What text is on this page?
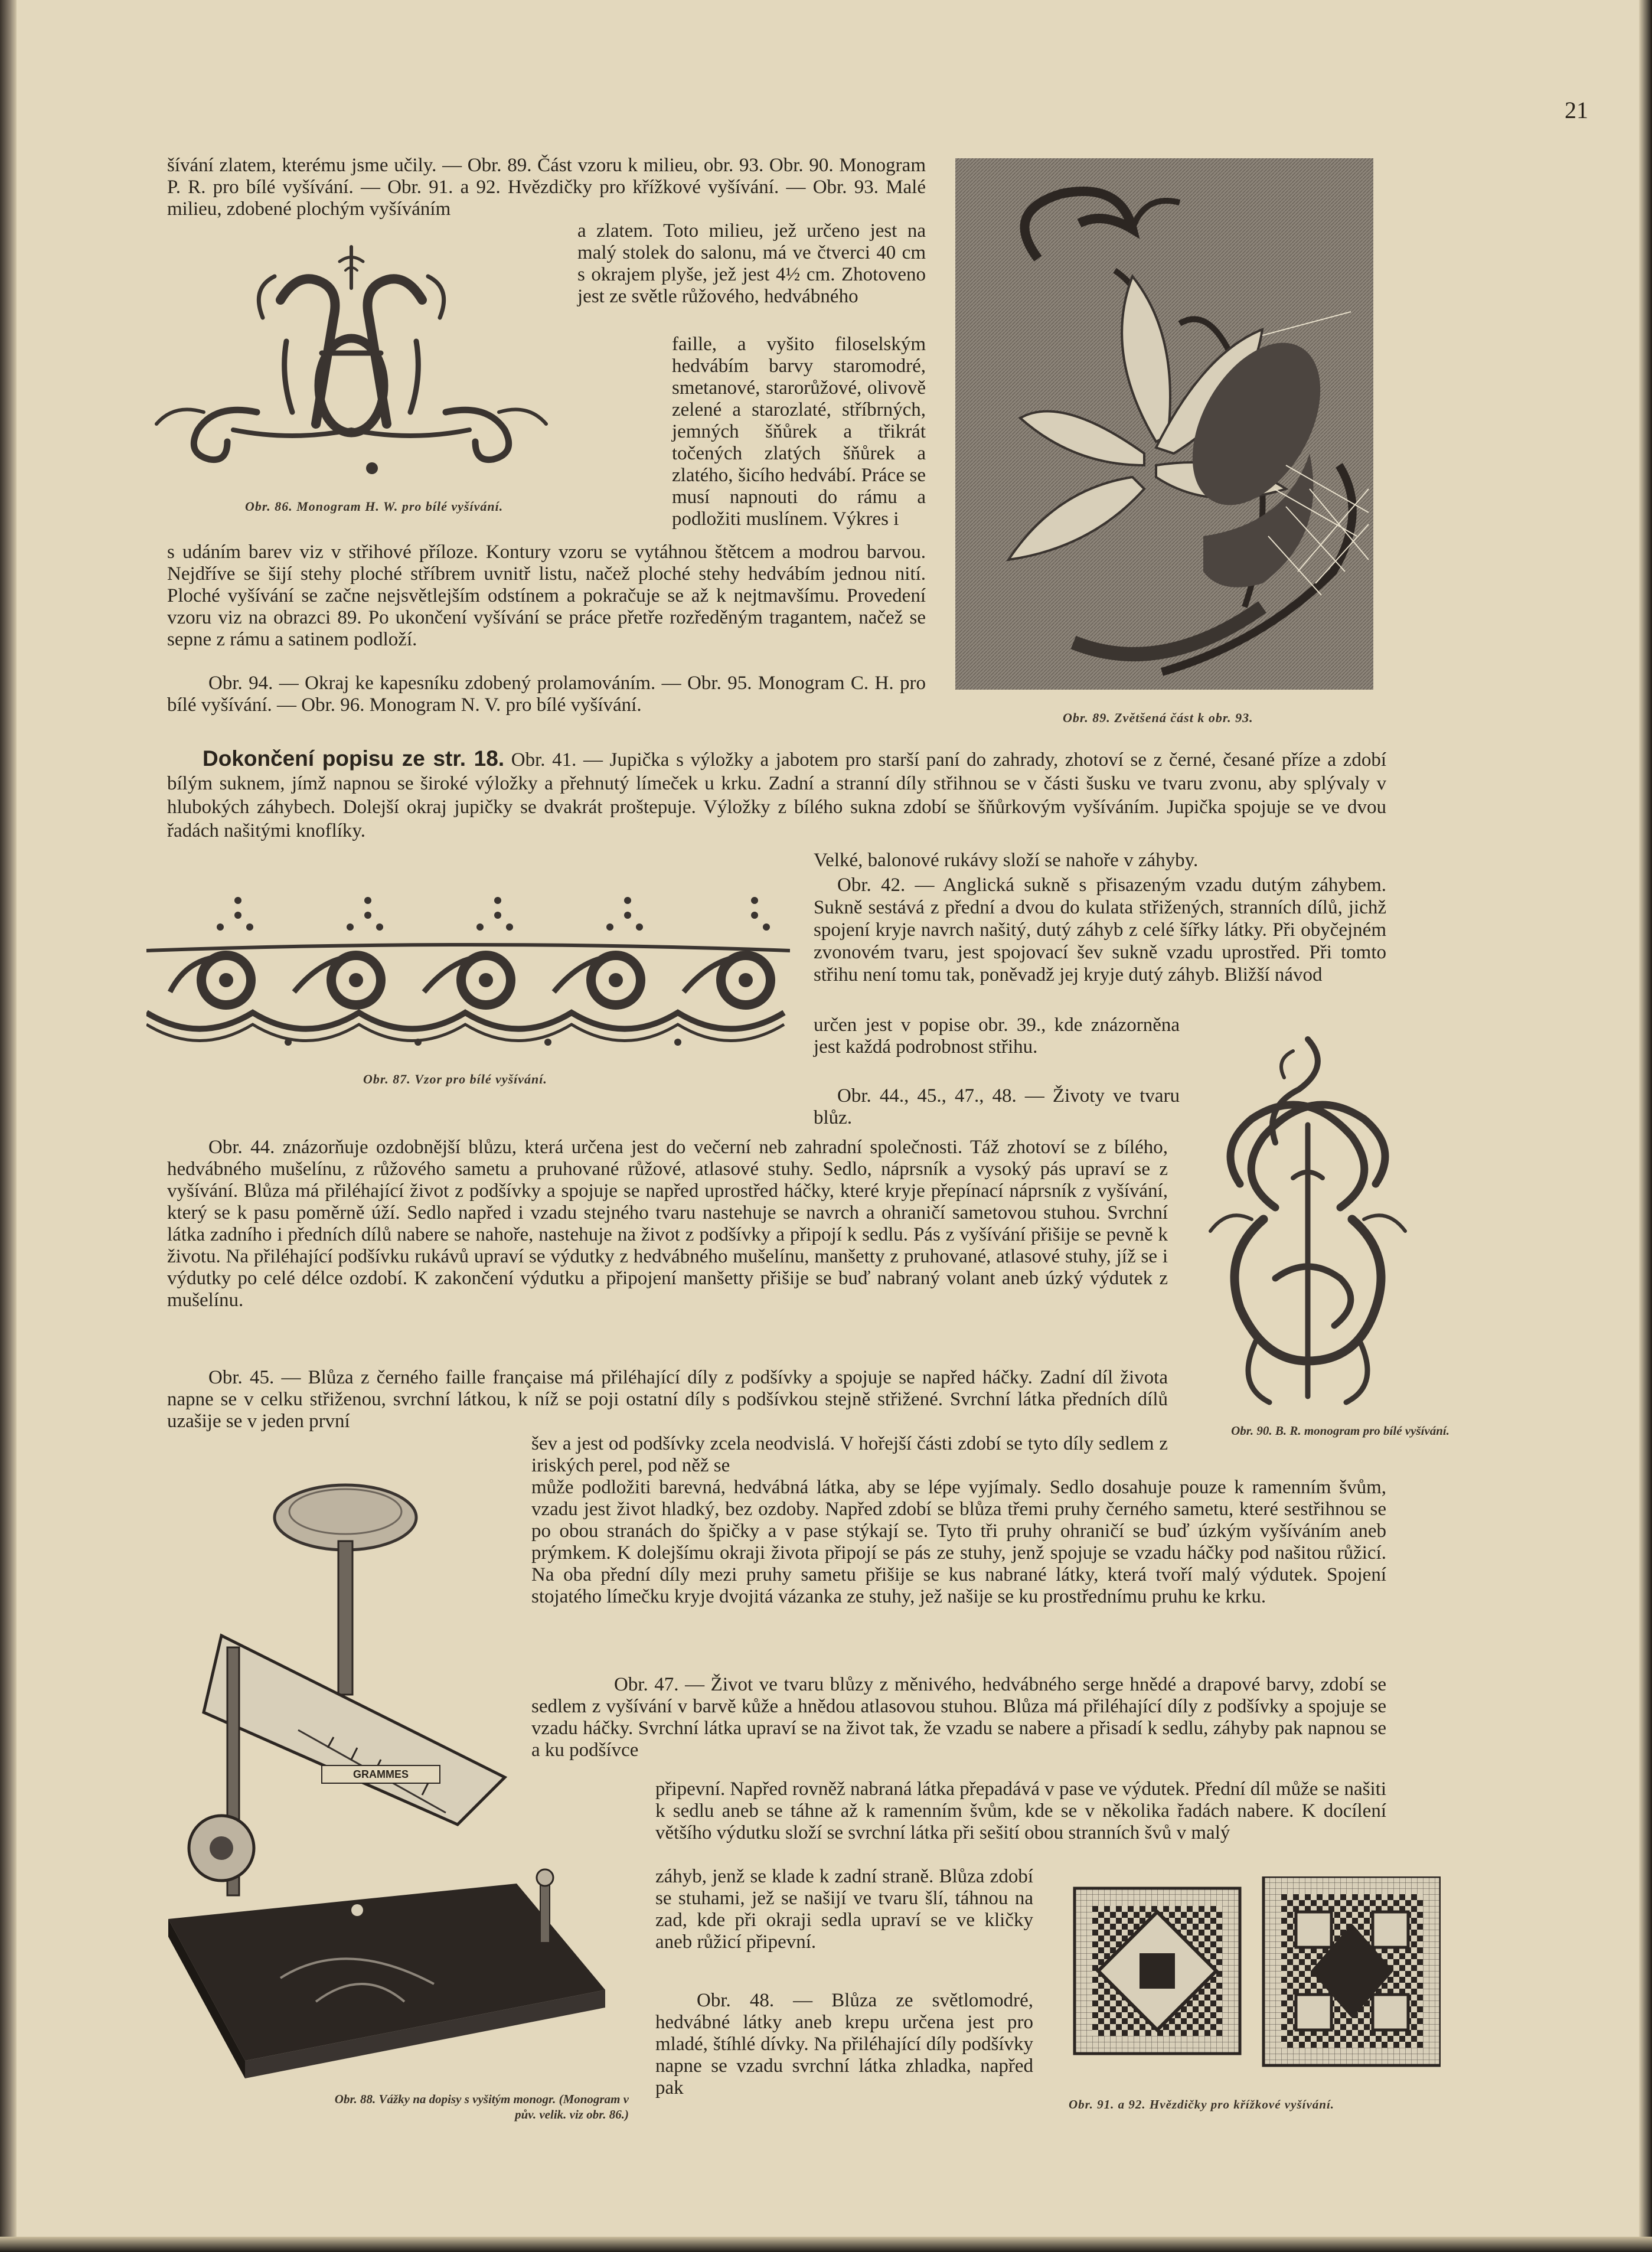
21

šívání zlatem, kterému jsme učily. — Obr. 89. Část vzoru k milieu, obr. 93. Obr. 90. Monogram P. R. pro bílé vyšívání. — Obr. 91. a 92. Hvězdičky pro křížkové vyšívání. — Obr. 93. Malé milieu, zdobené plochým vyšíváním

a zlatem. Toto milieu, jež určeno jest na malý stolek do salonu, má ve čtverci 40 cm s okrajem plyše, jež jest 4½ cm. Zhotoveno jest ze světle růžového, hedvábného

faille, a vyšito filoselským hedvábím barvy staromodré, smetanové, starorůžové, olivově zelené a starozlaté, stříbrných, jemných šňůrek a třikrát točených zlatých šňůrek a zlatého, šicího hedvábí. Práce se musí napnouti do rámu a podložiti muslínem. Výkres i

s udáním barev viz v střihové příloze. Kontury vzoru se vytáhnou štětcem a modrou barvou. Nejdříve se šijí stehy ploché stříbrem uvnitř listu, načež ploché stehy hedvábím jednou nití. Ploché vyšívání se začne nejsvětlejším odstínem a pokračuje se až k nejtmavšímu. Provedení vzoru viz na obrazci 89. Po ukončení vyšívání se práce přetře rozředěným tragantem, načež se sepne z rámu a satinem podloží.

Obr. 94. — Okraj ke kapesníku zdobený prolamováním. — Obr. 95. Monogram C. H. pro bílé vyšívání. — Obr. 96. Monogram N. V. pro bílé vyšívání.

Obr. 86. Monogram H. W. pro bílé vyšívání.

Obr. 89. Zvětšená část k obr. 93.

Dokončení popisu ze str. 18. Obr. 41. — Jupička s výložky a jabotem pro starší paní do zahrady, zhotoví se z černé, česané příze a zdobí bílým suknem, jímž napnou se široké výložky a přehnutý límeček u krku. Zadní a stranní díly střihnou se v části šusku ve tvaru zvonu, aby splývaly v hlubokých záhybech. Dolejší okraj jupičky se dvakrát proštepuje. Výložky z bílého sukna zdobí se šňůrkovým vyšíváním. Jupička spojuje se ve dvou řadách našitými knoflíky.

Velké, balonové rukávy složí se nahoře v záhyby.

Obr. 42. — Anglická sukně s přisazeným vzadu dutým záhybem. Sukně sestává z přední a dvou do kulata střižených, stranních dílů, jichž spojení kryje navrch našitý, dutý záhyb z celé šířky látky. Při obyčejném zvonovém tvaru, jest spojovací šev sukně vzadu uprostřed. Při tomto střihu není tomu tak, poněvadž jej kryje dutý záhyb. Bližší návod

určen jest v popise obr. 39., kde znázorněna jest každá podrobnost střihu.

Obr. 44., 45., 47., 48. — Životy ve tvaru blůz.

Obr. 87. Vzor pro bílé vyšívání.

Obr. 90. B. R. monogram pro bílé vyšívání.

Obr. 44. znázorňuje ozdobnější blůzu, která určena jest do večerní neb zahradní společnosti. Táž zhotoví se z bílého, hedvábného mušelínu, z růžového sametu a pruhované růžové, atlasové stuhy. Sedlo, náprsník a vysoký pás upraví se z vyšívání. Blůza má přiléhající život z podšívky a spojuje se napřed uprostřed háčky, které kryje přepínací náprsník z vyšívání, který se k pasu poměrně úží. Sedlo napřed i vzadu stejného tvaru nastehuje se navrch a ohraničí sametovou stuhou. Svrchní látka zadního i předních dílů nabere se nahoře, nastehuje na život z podšívky a připojí k sedlu. Pás z vyšívání přišije se pevně k životu. Na přiléhající podšívku rukávů upraví se výdutky z hedvábného mušelínu, manšetty z pruhované, atlasové stuhy, jíž se i výdutky po celé délce ozdobí. K zakončení výdutku a připojení manšetty přišije se buď nabraný volant aneb úzký výdutek z mušelínu.

Obr. 45. — Blůza z černého faille française má přiléhající díly z podšívky a spojuje se napřed háčky. Zadní díl života napne se v celku střiženou, svrchní látkou, k níž se poji ostatní díly s podšívkou stejně střižené. Svrchní látka předních dílů uzašije se v jeden první

šev a jest od podšívky zcela neodvislá. V hořejší části zdobí se tyto díly sedlem z iriských perel, pod něž se

může podložiti barevná, hedvábná látka, aby se lépe vyjímaly. Sedlo dosahuje pouze k ramenním švům, vzadu jest život hladký, bez ozdoby. Napřed zdobí se blůza třemi pruhy černého sametu, které sestřihnou se po obou stranách do špičky a v pase stýkají se. Tyto tři pruhy ohraničí se buď úzkým vyšíváním aneb prýmkem. K dolejšímu okraji života připojí se pás ze stuhy, jenž spojuje se vzadu háčky pod našitou růžicí. Na oba přední díly mezi pruhy sametu přišije se kus nabrané látky, která tvoří malý výdutek. Spojení stojatého límečku kryje dvojitá vázanka ze stuhy, jež našije se ku prostřednímu pruhu ke krku.

GRAMMES

Obr. 88. Vážky na dopisy s vyšitým monogr. (Monogram v pův. velik. viz obr. 86.)

Obr. 47. — Život ve tvaru blůzy z měnivého, hedvábného serge hnědé a drapové barvy, zdobí se sedlem z vyšívání v barvě kůže a hnědou atlasovou stuhou. Blůza má přiléhající díly z podšívky a spojuje se vzadu háčky. Svrchní látka upraví se na život tak, že vzadu se nabere a přisadí k sedlu, záhyby pak napnou se a ku podšívce

připevní. Napřed rovněž nabraná látka přepadává v pase ve výdutek. Přední díl může se našiti k sedlu aneb se táhne až k ramenním švům, kde se v několika řadách nabere. K docílení většího výdutku složí se svrchní látka při sešití obou stranních švů v malý

záhyb, jenž se klade k zadní straně. Blůza zdobí se stuhami, jež se našijí ve tvaru šlí, táhnou na zad, kde při okraji sedla upraví se ve kličky aneb růžicí připevní.

Obr. 48. — Blůza ze světlomodré, hedvábné látky aneb krepu určena jest pro mladé, štíhlé dívky. Na přiléhající díly podšívky napne se vzadu svrchní látka zhladka, napřed pak

Obr. 91. a 92. Hvězdičky pro křížkové vyšívání.
